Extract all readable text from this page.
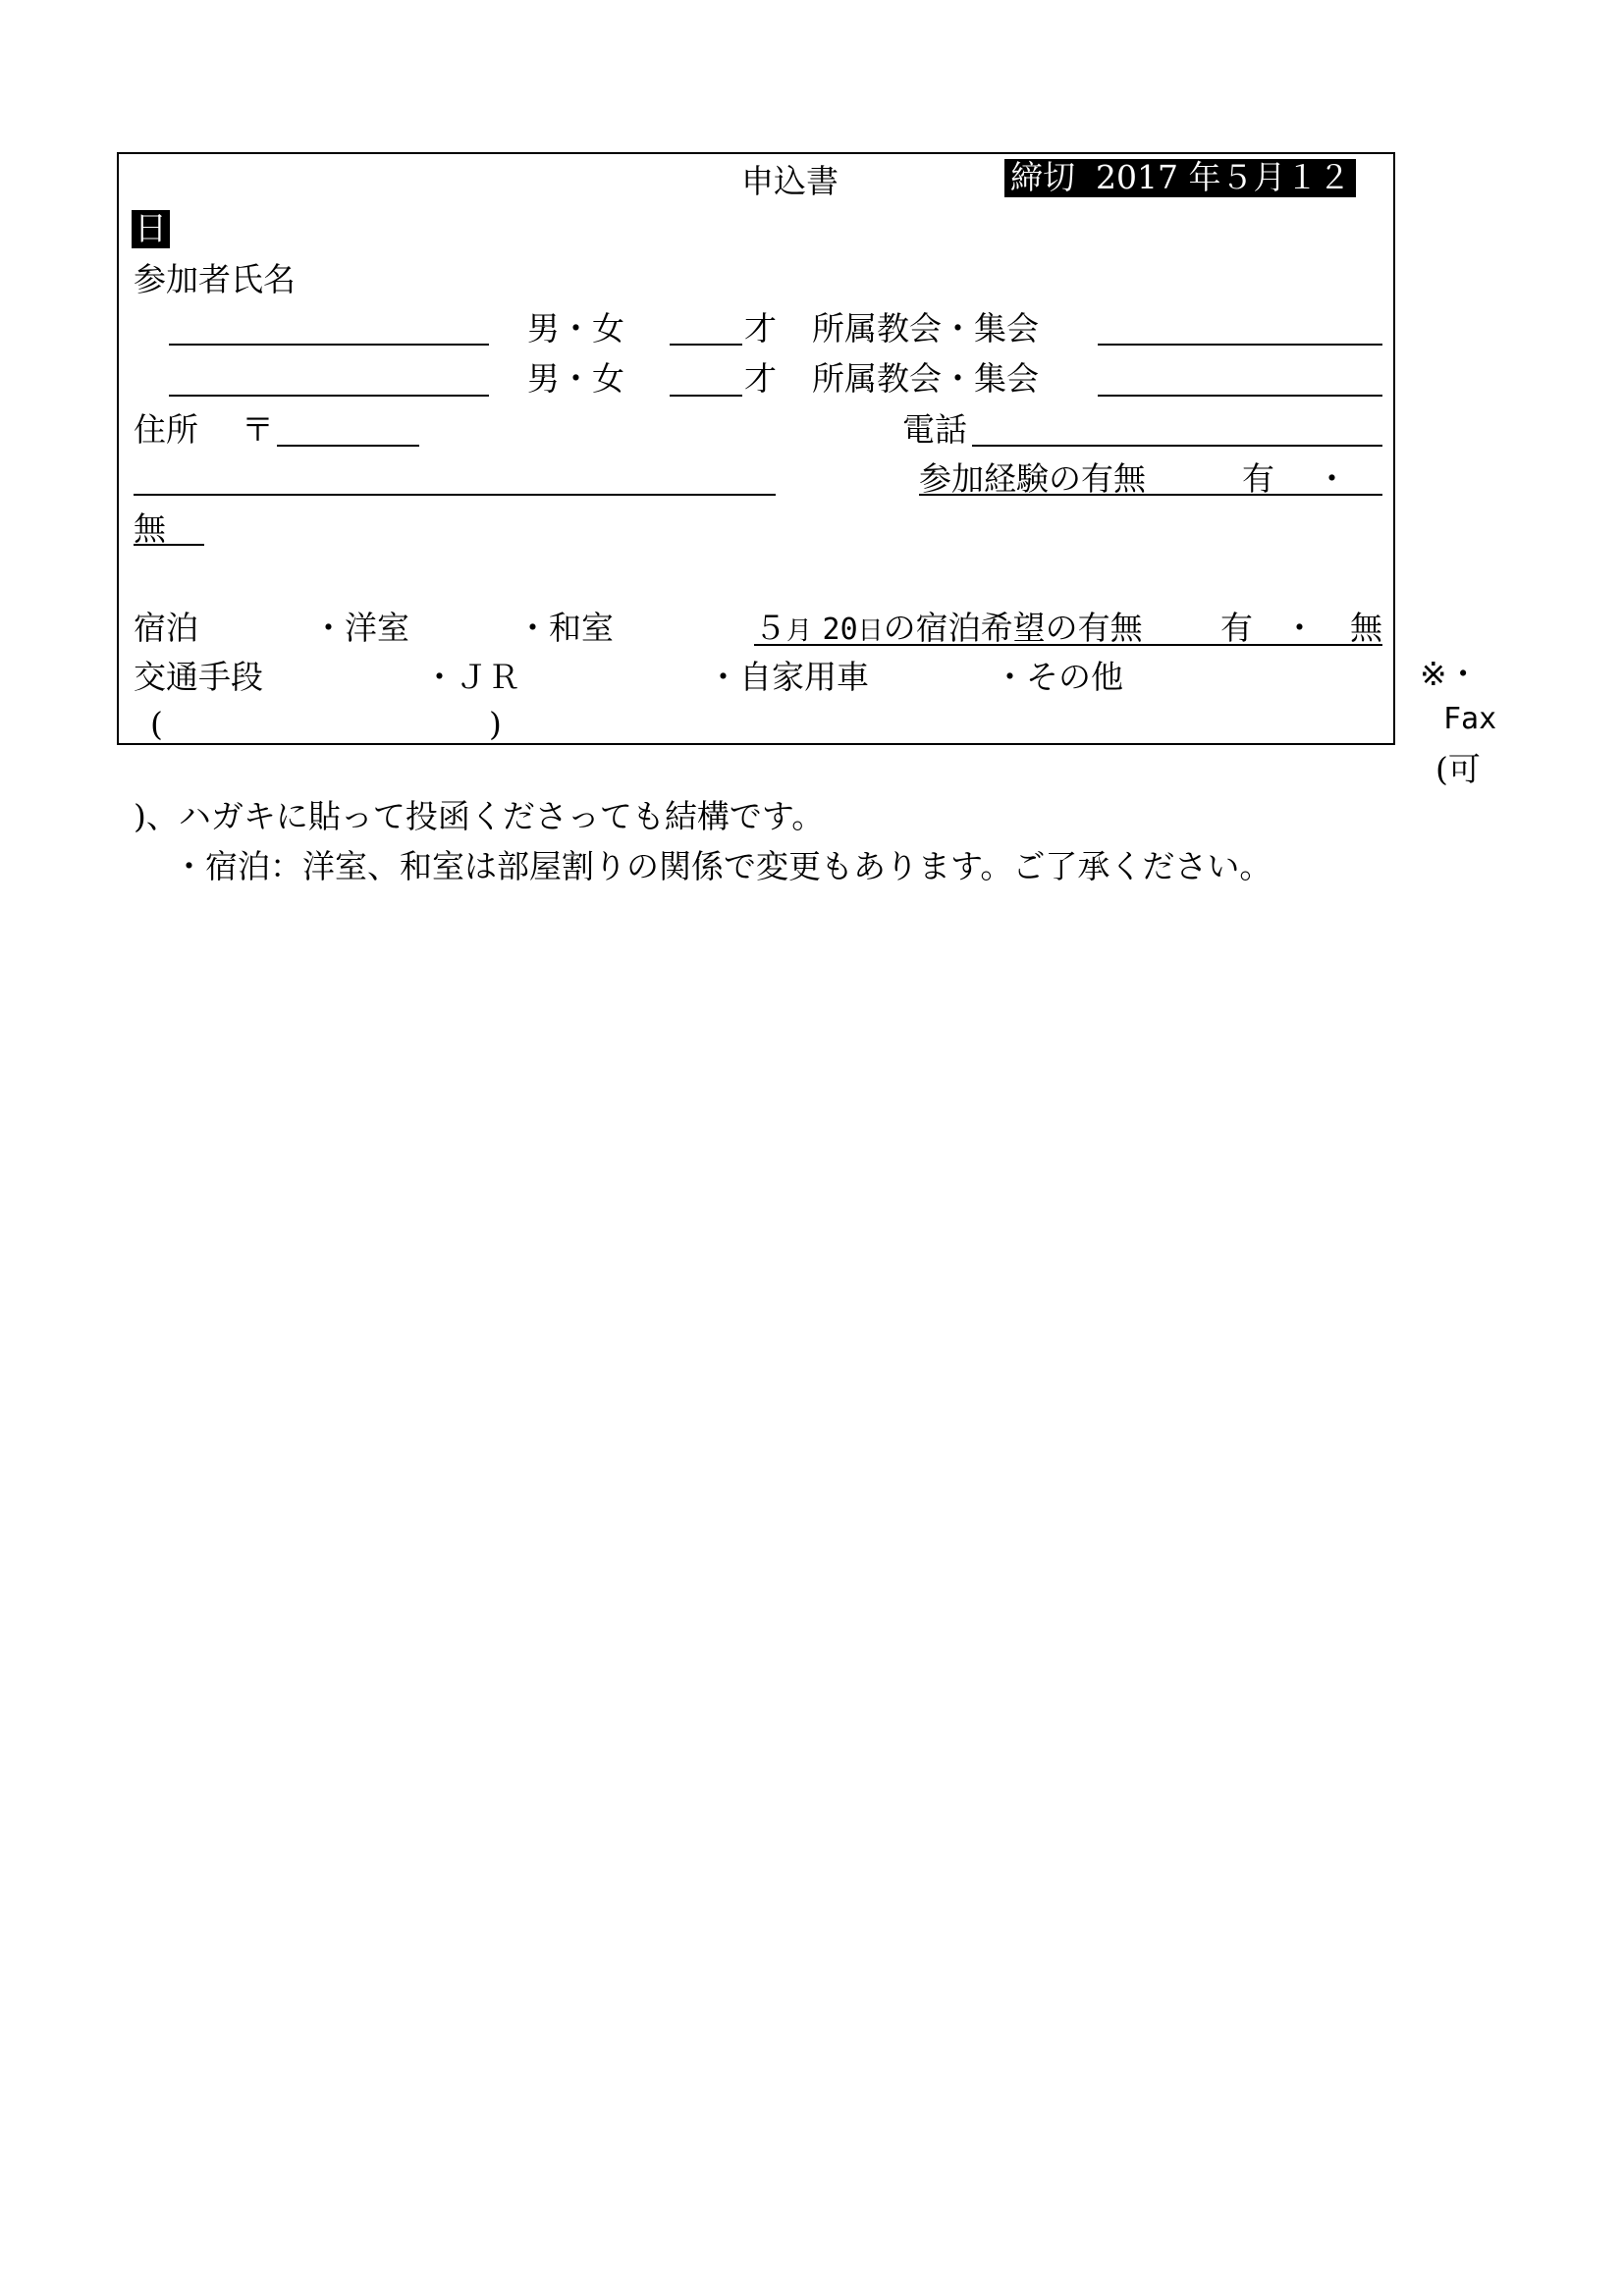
申込書	締切 2017 年５月１２
日
参加者氏名
男・女	才 所属教会・集会
男・女	才 所属教会・集会
住所 〒	電話
参加経験の有無	有 ・
無
宿泊	・洋室	・和室	５月 20日の宿泊希望の有無 有 ・ 無
交通手段	・ＪＲ	・自家用車	・その他
(	)
※・
Fax
(可
)、ハガキに貼って投函くださっても結構です。
・宿泊：洋室、和室は部屋割りの関係で変更もあります。ご了承ください。
